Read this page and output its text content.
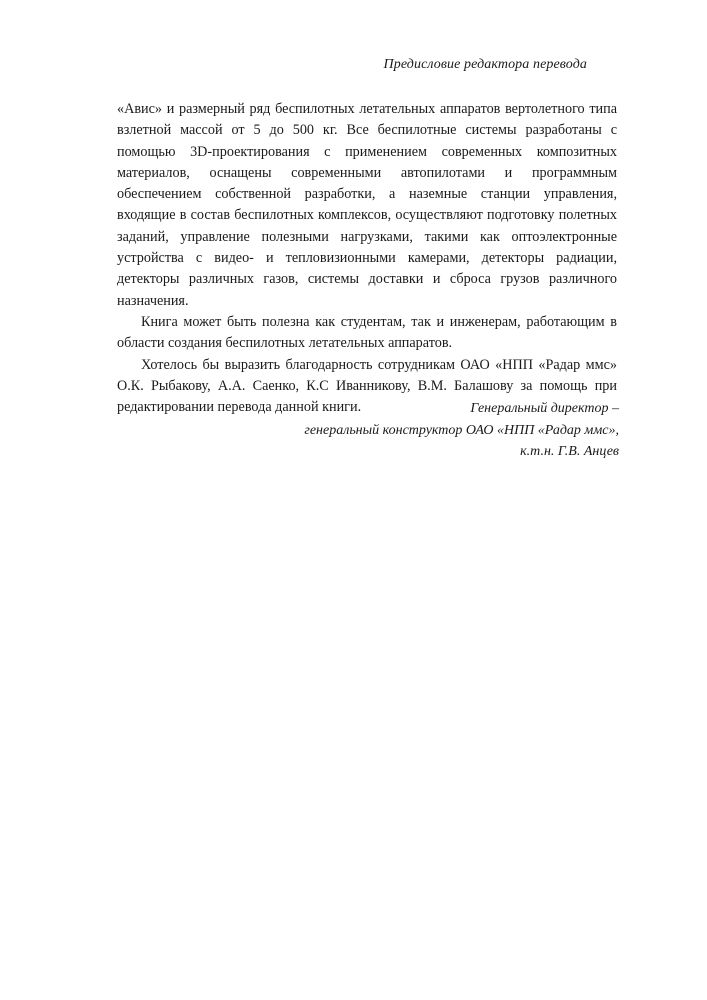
Предисловие редактора перевода

«Авис» и размерный ряд беспилотных летательных аппаратов вертолетного типа взлетной массой от 5 до 500 кг. Все беспилотные системы разработаны с помощью 3D-проектирования с применением современных композитных материалов, оснащены современными автопилотами и программным обеспечением собственной разработки, а наземные станции управления, входящие в состав беспилотных комплексов, осуществляют подготовку полетных заданий, управление полезными нагрузками, такими как оптоэлектронные устройства с видео- и тепловизионными камерами, детекторы радиации, детекторы различных газов, системы доставки и сброса грузов различного назначения.

Книга может быть полезна как студентам, так и инженерам, работающим в области создания беспилотных летательных аппаратов.

Хотелось бы выразить благодарность сотрудникам ОАО «НПП «Радар ммс» О.К. Рыбакову, А.А. Саенко, К.С Иванникову, В.М. Балашову за помощь при редактировании перевода данной книги.	Генеральный директор –
генеральный конструктор ОАО «НПП «Радар ммс»,
к.т.н. Г.В. Анцев
